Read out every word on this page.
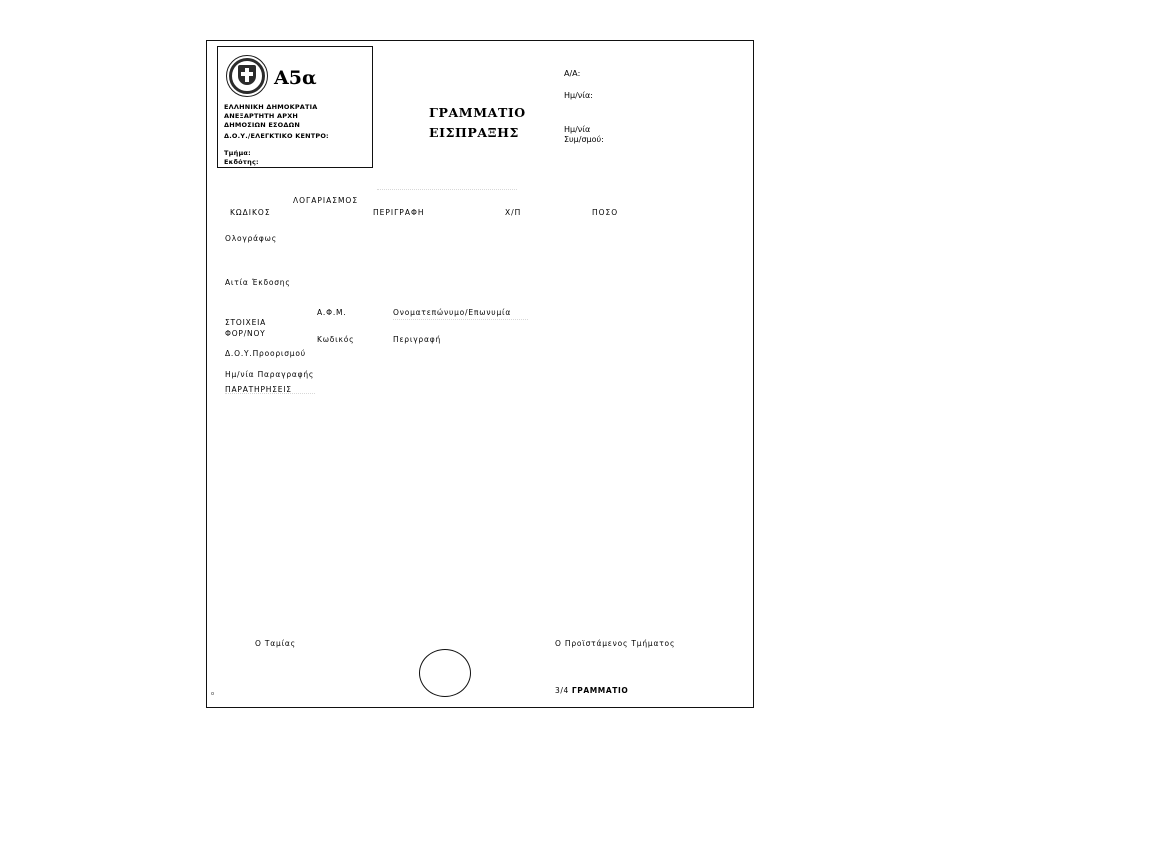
Α5α
ΕΛΛΗΝΙΚΗ ΔΗΜΟΚΡΑΤΙΑ
ΑΝΕΞΑΡΤΗΤΗ ΑΡΧΗ
ΔΗΜΟΣΙΩΝ ΕΣΟΔΩΝ
Δ.Ο.Υ./ΕΛΕΓΚΤΙΚΟ ΚΕΝΤΡΟ:
Τμήμα:
Εκδότης:
ΓΡΑΜΜΑΤΙΟ
ΕΙΣΠΡΑΞΗΣ
Α/Α:
Ημ/νία:
Ημ/νία
Συμ/σμού:
ΛΟΓΑΡΙΑΣΜΟΣ
ΚΩΔΙΚΟΣ	ΠΕΡΙΓΡΑΦΗ	Χ/Π	ΠΟΣΟ
Ολογράφως
Αιτία Έκδοσης
ΣΤΟΙΧΕΙΑ
ΦΟΡ/ΝΟΥ
Α.Φ.Μ.	Ονοματεπώνυμο/Επωνυμία
Κωδικός	Περιγραφή
Δ.Ο.Υ.Προορισμού
Ημ/νία Παραγραφής
ΠΑΡΑΤΗΡΗΣΕΙΣ
Ο Ταμίας	Ο Προϊστάμενος Τμήματος
3/4 ΓΡΑΜΜΑΤΙΟ
ο
